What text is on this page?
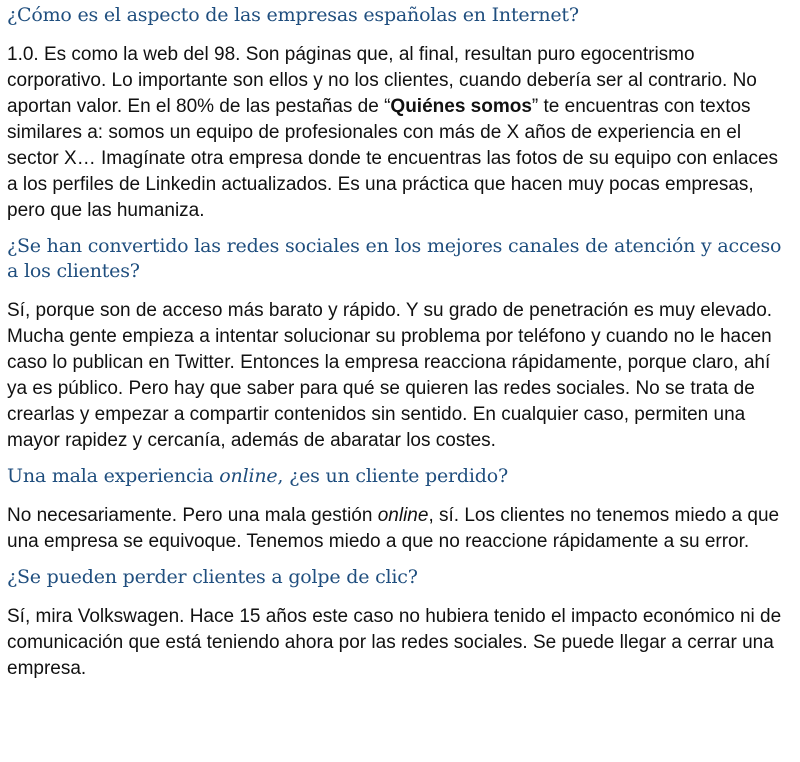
¿Cómo es el aspecto de las empresas españolas en Internet?

1.0. Es como la web del 98. Son páginas que, al final, resultan puro egocentrismo corporativo. Lo importante son ellos y no los clientes, cuando debería ser al contrario. No aportan valor. En el 80% de las pestañas de “Quiénes somos” te encuentras con textos similares a: somos un equipo de profesionales con más de X años de experiencia en el sector X… Imagínate otra empresa donde te encuentras las fotos de su equipo con enlaces a los perfiles de Linkedin actualizados. Es una práctica que hacen muy pocas empresas, pero que las humaniza.

¿Se han convertido las redes sociales en los mejores canales de atención y acceso a los clientes?

Sí, porque son de acceso más barato y rápido. Y su grado de penetración es muy elevado. Mucha gente empieza a intentar solucionar su problema por teléfono y cuando no le hacen caso lo publican en Twitter. Entonces la empresa reacciona rápidamente, porque claro, ahí ya es público. Pero hay que saber para qué se quieren las redes sociales. No se trata de crearlas y empezar a compartir contenidos sin sentido. En cualquier caso, permiten una mayor rapidez y cercanía, además de abaratar los costes.

Una mala experiencia online, ¿es un cliente perdido?

No necesariamente. Pero una mala gestión online, sí. Los clientes no tenemos miedo a que una empresa se equivoque. Tenemos miedo a que no reaccione rápidamente a su error.

¿Se pueden perder clientes a golpe de clic?

Sí, mira Volkswagen. Hace 15 años este caso no hubiera tenido el impacto económico ni de comunicación que está teniendo ahora por las redes sociales. Se puede llegar a cerrar una empresa.
